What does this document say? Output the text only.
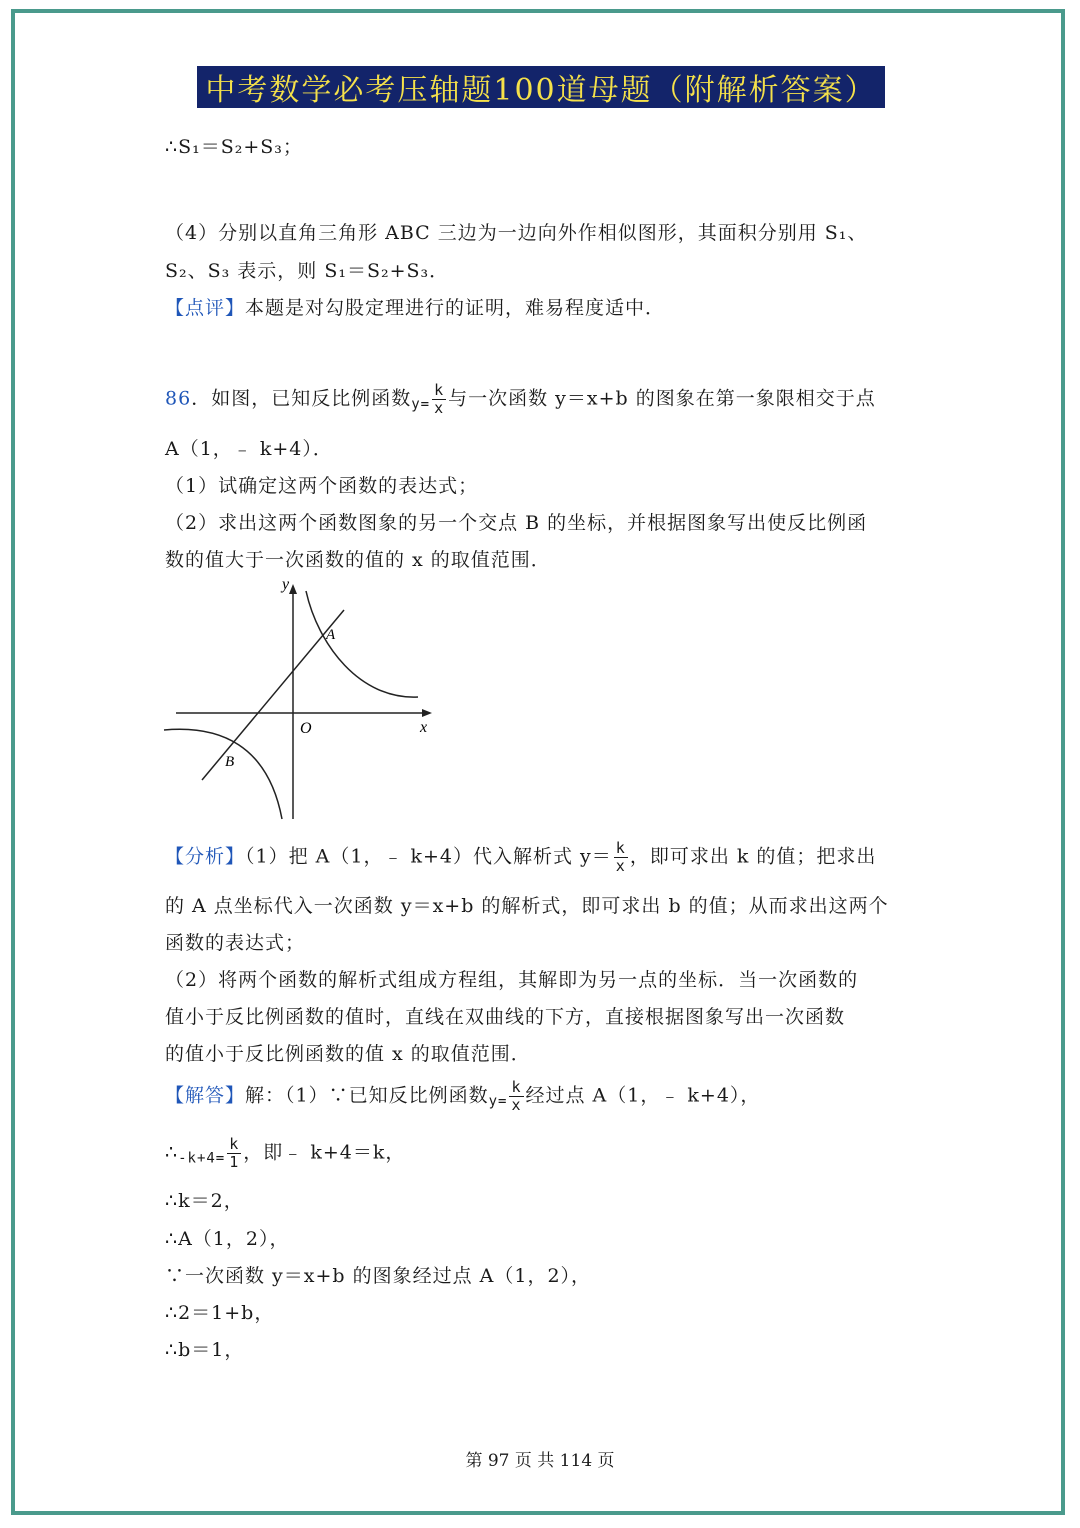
中考数学必考压轴题100道母题（附解析答案）
∴S₁＝S₂+S₃；
（4）分别以直角三角形 ABC 三边为一边向外作相似图形，其面积分别用 S₁、
S₂、S₃ 表示，则 S₁＝S₂+S₃．
【点评】本题是对勾股定理进行的证明，难易程度适中．
86．如图，已知反比例函数$_{y=} \frac{k}{x}$ 与一次函数 y＝x+b 的图象在第一象限相交于点
A（1，﹣ k+4）．
（1）试确定这两个函数的表达式；
（2）求出这两个函数图象的另一个交点 B 的坐标，并根据图象写出使反比例函
数的值大于一次函数的值的 x 的取值范围．
y
x
O
A
B
【分析】（1）把 A（1，﹣ k+4）代入解析式 $y= \frac{k}{x}$ ，即可求出 k 的值；把求出
的 A 点坐标代入一次函数 y＝x+b 的解析式，即可求出 b 的值；从而求出这两个
函数的表达式；
（2）将两个函数的解析式组成方程组，其解即为另一点的坐标．当一次函数的
值小于反比例函数的值时，直线在双曲线的下方，直接根据图象写出一次函数
的值小于反比例函数的值 x 的取值范围．
【解答】解：（1）∵已知反比例函数$_{y=} \frac{k}{x}$ 经过点 A（1，﹣ k+4），
$\therefore_{-k+4=} \frac{k}{1}$ ，即﹣ k+4＝k，
∴k＝2，
∴A（1，2），
∵一次函数 y＝x+b 的图象经过点 A（1，2），
∴2＝1+b，
∴b＝1，
第 97 页 共 114 页
